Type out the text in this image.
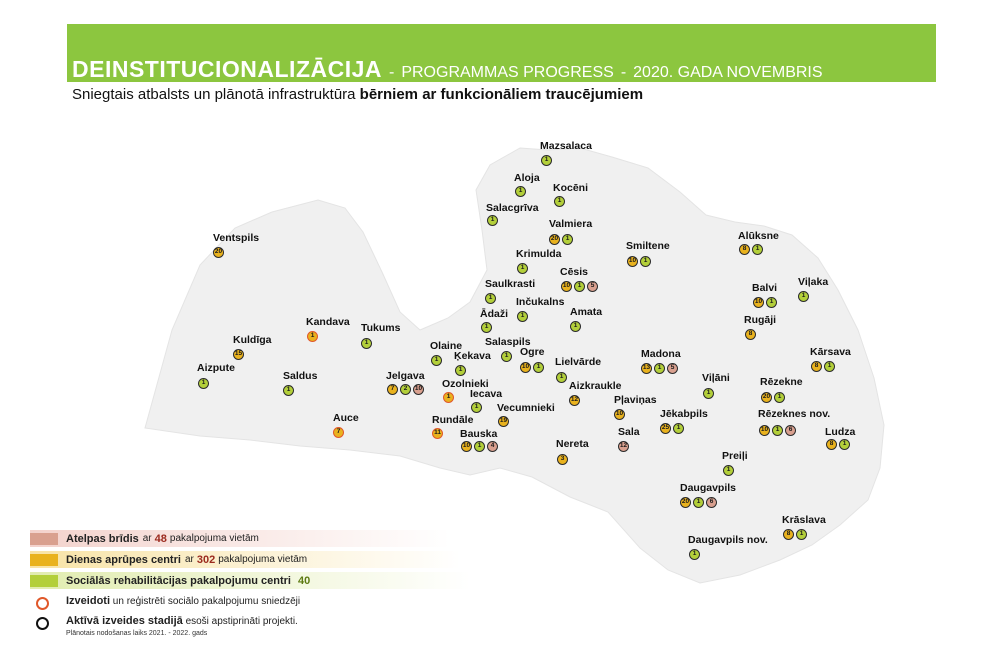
DEINSTITUCIONALIZĀCIJA - PROGRAMMAS PROGRESS - 2020. GADA NOVEMBRIS
Sniegtais atbalsts un plānotā infrastruktūra bērniem ar funkcionāliem traucējumiem
Mazsalaca
1
Aloja
1	Kocēni
1
Salacgrīva
1	Valmiera
20	1
Krimulda
1
Smiltene
10	1
Alūksne
8	1
Cēsis
10	1	5
Saulkrasti
1	Inčukalns
1
Ādaži
1
Amata
1
Balvi
10	1
Viļaka
1
Rugāji
8
Ventspils
20
Kandava
1
Tukums
1
Kuldīga
15
Aizpute
1
Saldus
1
Olaine
1	Ķekava
1
Salaspils
1	Ogre
10	1	Lielvārde
1
Madona
13	1	5
Kārsava
8	1
Jelgava
7	2	10 Ozolnieki
1	Iecava
1
Aizkraukle
12
Viļāni
1
Rēzekne
20	1
Pļaviņas
10
Vecumnieki
19
Auce
7
Rundāle
11
Jēkabpils
25	1
Rēzeknes nov.
10	1	6	Ludza
8	1
Bauska
10	1	4
Sala
12
Nereta
3	Preiļi
1
Daugavpils
20	1	6
Krāslava
8	1
Daugavpils nov.
1
Atelpas brīdis ar 48 pakalpojuma vietām
Dienas aprūpes centri ar 302 pakalpojuma vietām
Sociālās rehabilitācijas pakalpojumu centri 40
Izveidoti un reģistrēti sociālo pakalpojumu sniedzēji
Aktīvā izveides stadijā esoši apstiprināti projekti.
Plānotais nodošanas laiks 2021. - 2022. gads
